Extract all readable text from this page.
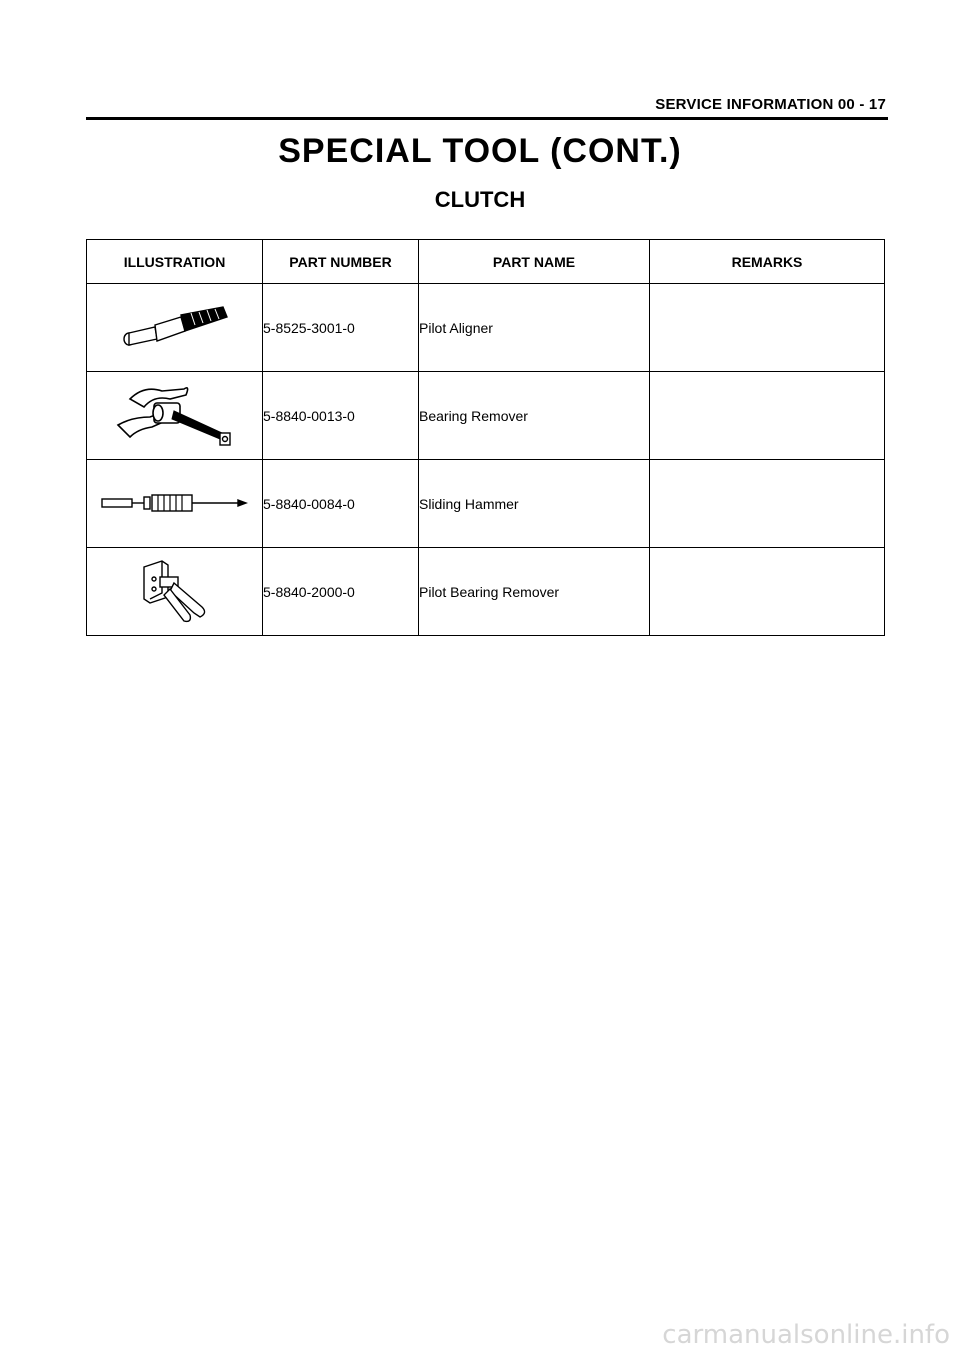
SERVICE INFORMATION 00 - 17
SPECIAL TOOL (CONT.)
CLUTCH
ILLUSTRATION	PART NUMBER	PART NAME	REMARKS

	5-8525-3001-0	Pilot Aligner	

	5-8840-0013-0	Bearing Remover	

	5-8840-0084-0	Sliding Hammer	

	5-8840-2000-0	Pilot Bearing Remover	
carmanualsonline.info
